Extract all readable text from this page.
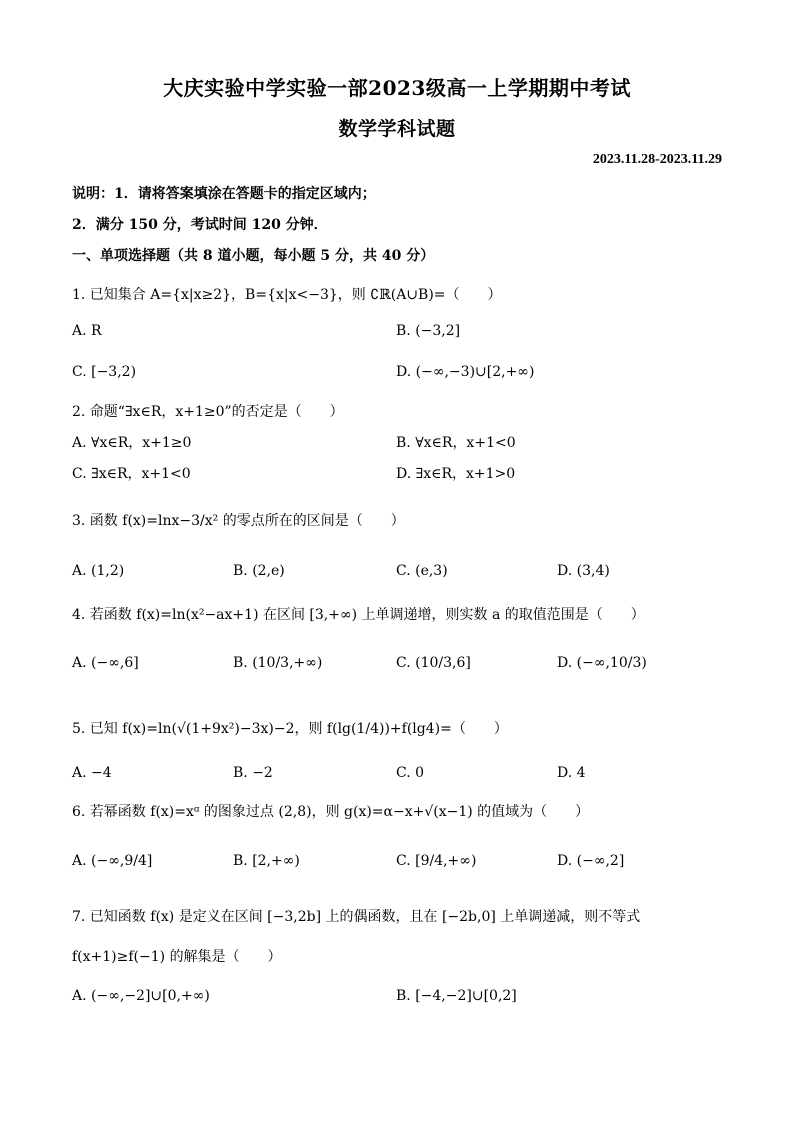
大庆实验中学实验一部2023级高一上学期期中考试
数学学科试题
2023.11.28-2023.11.29
说明：1．请将答案填涂在答题卡的指定区域内；
2．满分 150 分，考试时间 120 分钟．
一、单项选择题（共 8 道小题，每小题 5 分，共 40 分）
1. 已知集合 A={x|x≥2}，B={x|x<−3}，则 ∁ℝ(A∪B)=（　　）
A. R	B. (−3,2]
C. [−3,2)	D. (−∞,−3)∪[2,+∞)
2. 命题“∃x∈R，x+1≥0”的否定是（　　）
A. ∀x∈R，x+1≥0	B. ∀x∈R，x+1<0
C. ∃x∈R，x+1<0	D. ∃x∈R，x+1>0
3. 函数 f(x)=lnx−3/x² 的零点所在的区间是（　　）
A. (1,2)	B. (2,e)	C. (e,3)	D. (3,4)
4. 若函数 f(x)=ln(x²−ax+1) 在区间 [3,+∞) 上单调递增，则实数 a 的取值范围是（　　）
A. (−∞,6]	B. (10/3,+∞)	C. (10/3,6]	D. (−∞,10/3)
5. 已知 f(x)=ln(√(1+9x²)−3x)−2，则 f(lg(1/4))+f(lg4)=（　　）
A. −4	B. −2	C. 0	D. 4
6. 若幂函数 f(x)=xᵅ 的图象过点 (2,8)，则 g(x)=α−x+√(x−1) 的值域为（　　）
A. (−∞,9/4]	B. [2,+∞)	C. [9/4,+∞)	D. (−∞,2]
7. 已知函数 f(x) 是定义在区间 [−3,2b] 上的偶函数，且在 [−2b,0] 上单调递减，则不等式
f(x+1)≥f(−1) 的解集是（　　）
A. (−∞,−2]∪[0,+∞)	B. [−4,−2]∪[0,2]
